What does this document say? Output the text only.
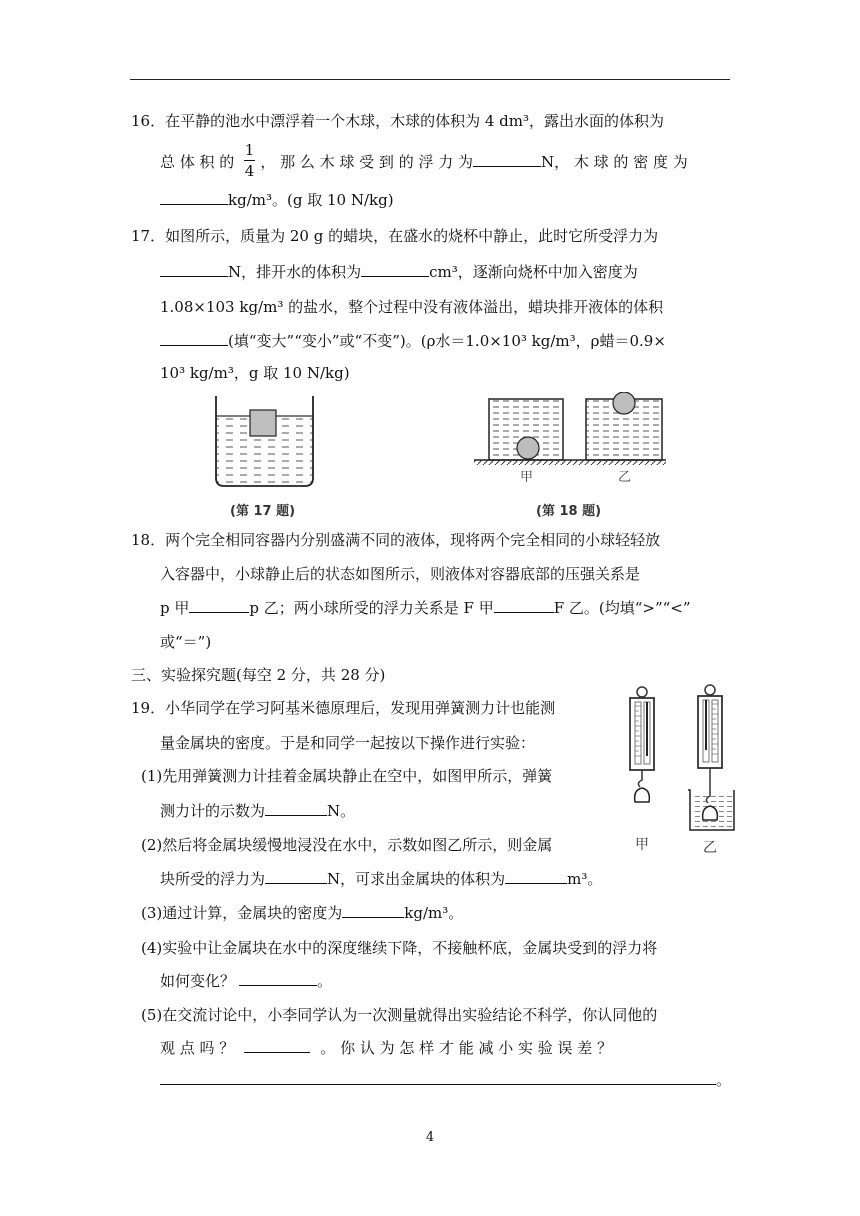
16．在平静的池水中漂浮着一个木球，木球的体积为 4 dm³，露出水面的体积为
总 体 积 的 ， 那 么 木 球 受 到 的 浮 力 为	N， 木 球 的 密 度 为
1
4
kg/m³。(g 取 10 N/kg)
17．如图所示，质量为 20 g 的蜡块，在盛水的烧杯中静止，此时它所受浮力为
N，排开水的体积为	cm³，逐渐向烧杯中加入密度为
1.08×103 kg/m³ 的盐水，整个过程中没有液体溢出，蜡块排开液体的体积
(填“变大”“变小”或“不变”)。(ρ水＝1.0×10³ kg/m³，ρ蜡＝0.9×
10³ kg/m³，g 取 10 N/kg)
(第 17 题)
甲	乙
(第 18 题)
18．两个完全相同容器内分别盛满不同的液体，现将两个完全相同的小球轻轻放
入容器中，小球静止后的状态如图所示，则液体对容器底部的压强关系是
p 甲	p 乙；两小球所受的浮力关系是 F 甲	F 乙。(均填“>”“<”
或“＝”)
三、实验探究题(每空 2 分，共 28 分)
19．小华同学在学习阿基米德原理后，发现用弹簧测力计也能测
量金属块的密度。于是和同学一起按以下操作进行实验：
(1)先用弹簧测力计挂着金属块静止在空中，如图甲所示，弹簧
测力计的示数为	N。
(2)然后将金属块缓慢地浸没在水中，示数如图乙所示，则金属
块所受的浮力为	N，可求出金属块的体积为	m³。
(3)通过计算，金属块的密度为	kg/m³。
(4)实验中让金属块在水中的深度继续下降，不接触杯底，金属块受到的浮力将
如何变化？	。
(5)在交流讨论中，小李同学认为一次测量就得出实验结论不科学，你认同他的
观 点 吗 ？	。 你 认 为 怎 样 才 能 减 小 实 验 误 差 ？
。
甲	乙
4
